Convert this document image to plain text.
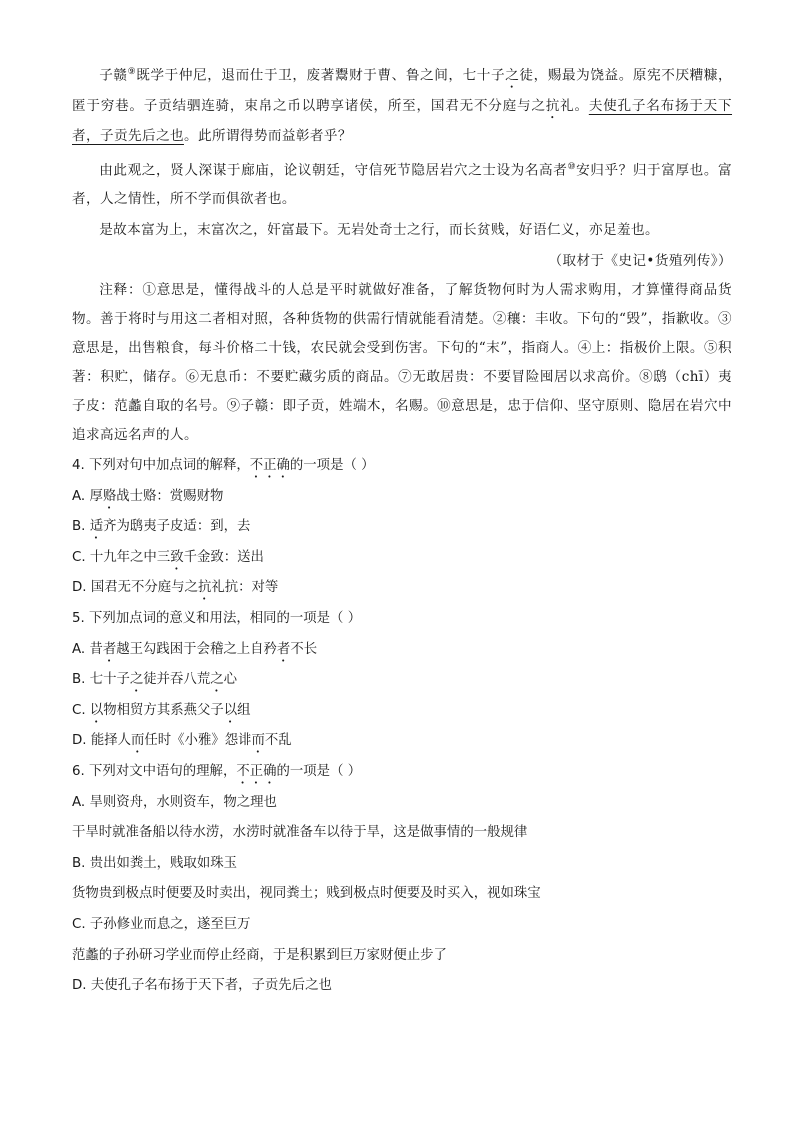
子赣⑨既学于仲尼，退而仕于卫，废著鬻财于曹、鲁之间，七十子之徒，赐最为饶益。原宪不厌糟糠，匿于穷巷。子贡结驷连骑，束帛之币以聘享诸侯，所至，国君无不分庭与之抗礼。夫使孔子名布扬于天下者，子贡先后之也。此所谓得势而益彰者乎？

由此观之，贤人深谋于廊庙，论议朝廷，守信死节隐居岩穴之士设为名高者⑩安归乎？归于富厚也。富者，人之情性，所不学而俱欲者也。

是故本富为上，末富次之，奸富最下。无岩处奇士之行，而长贫贱，好语仁义，亦足羞也。

（取材于《史记•货殖列传》）

注释：①意思是，懂得战斗的人总是平时就做好准备，了解货物何时为人需求购用，才算懂得商品货物。善于将时与用这二者相对照，各种货物的供需行情就能看清楚。②穰：丰收。下句的“毁”，指歉收。③意思是，出售粮食，每斗价格二十钱，农民就会受到伤害。下句的“末”，指商人。④上：指极价上限。⑤积著：积贮，储存。⑥无息币：不要贮藏劣质的商品。⑦无敢居贵：不要冒险囤居以求高价。⑧鸱（chī）夷子皮：范蠡自取的名号。⑨子赣：即子贡，姓端木，名赐。⑩意思是，忠于信仰、坚守原则、隐居在岩穴中追求高远名声的人。

4. 下列对句中加点词的解释，不正确的一项是（ ）

A. 厚赂战士赂：赏赐财物

B. 适齐为鸱夷子皮适：到，去

C. 十九年之中三致千金致：送出

D. 国君无不分庭与之抗礼抗：对等

5. 下列加点词的意义和用法，相同的一项是（ ）

A. 昔者越王勾践困于会稽之上自矜者不长

B. 七十子之徒并吞八荒之心

C. 以物相贸方其系燕父子以组

D. 能择人而任时《小雅》怨诽而不乱

6. 下列对文中语句的理解，不正确的一项是（ ）

A. 旱则资舟，水则资车，物之理也

干旱时就准备船以待水涝，水涝时就准备车以待于旱，这是做事情的一般规律

B. 贵出如粪土，贱取如珠玉

货物贵到极点时便要及时卖出，视同粪土；贱到极点时便要及时买入，视如珠宝

C. 子孙修业而息之，遂至巨万

范蠡的子孙研习学业而停止经商，于是积累到巨万家财便止步了

D. 夫使孔子名布扬于天下者，子贡先后之也
